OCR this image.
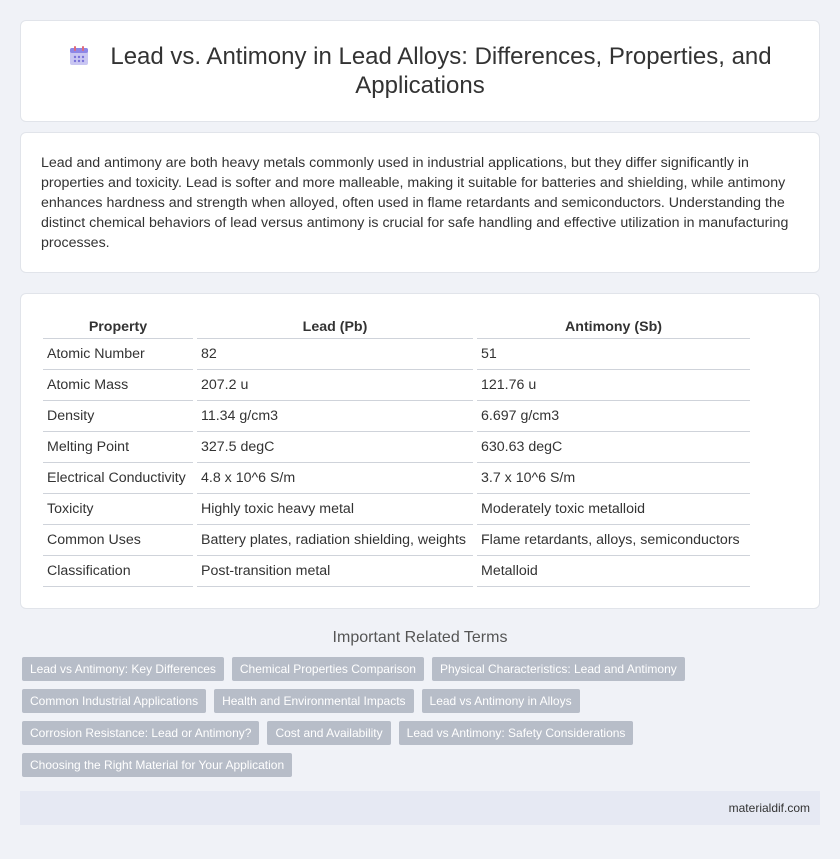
Lead vs. Antimony in Lead Alloys: Differences, Properties, and
Applications

Lead and antimony are both heavy metals commonly used in industrial applications, but they differ significantly in properties and toxicity. Lead is softer and more malleable, making it suitable for batteries and shielding, while antimony enhances hardness and strength when alloyed, often used in flame retardants and semiconductors. Understanding the distinct chemical behaviors of lead versus antimony is crucial for safe handling and effective utilization in manufacturing processes.

Property	Lead (Pb)	Antimony (Sb)
Atomic Number	82	51
Atomic Mass	207.2 u	121.76 u
Density	11.34 g/cm3	6.697 g/cm3
Melting Point	327.5 degC	630.63 degC
Electrical Conductivity	4.8 x 10^6 S/m	3.7 x 10^6 S/m
Toxicity	Highly toxic heavy metal	Moderately toxic metalloid
Common Uses	Battery plates, radiation shielding, weights	Flame retardants, alloys, semiconductors
Classification	Post-transition metal	Metalloid
Important Related Terms
Lead vs Antimony: Key Differences	Chemical Properties Comparison	Physical Characteristics: Lead and Antimony
Common Industrial Applications	Health and Environmental Impacts	Lead vs Antimony in Alloys
Corrosion Resistance: Lead or Antimony?	Cost and Availability	Lead vs Antimony: Safety Considerations
Choosing the Right Material for Your Application
materialdif.com
